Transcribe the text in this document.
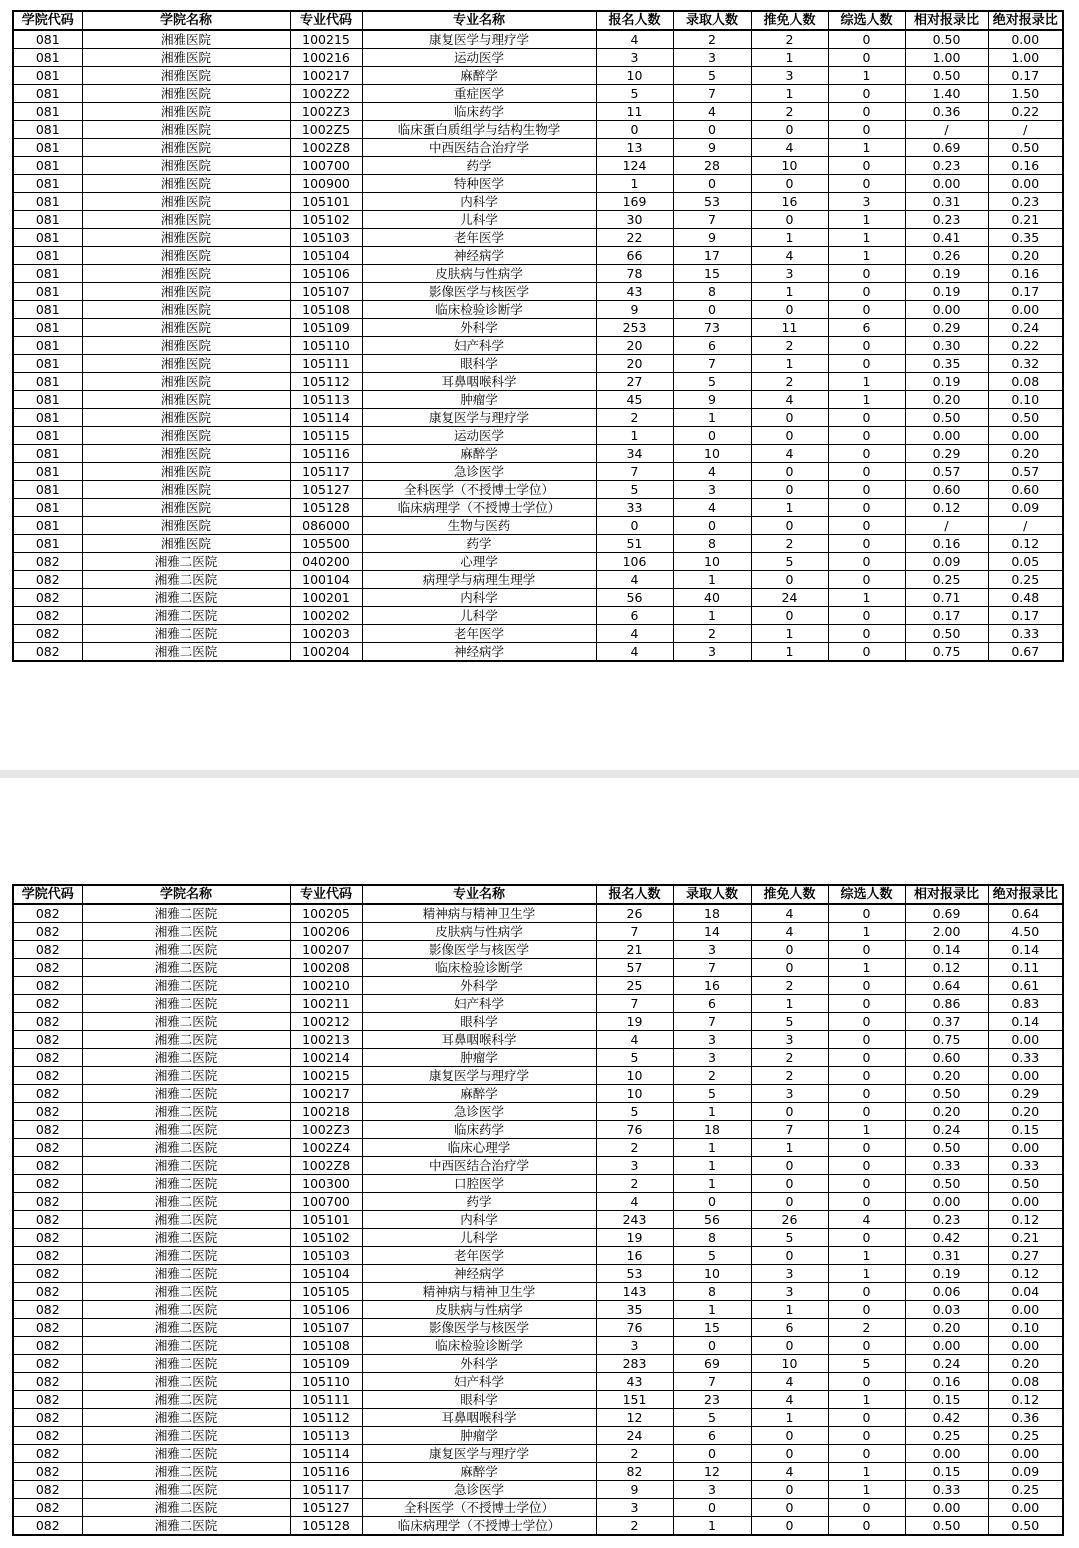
学院代码	学院名称	专业代码	专业名称	报名人数	录取人数	推免人数	综选人数	相对报录比	绝对报录比
081	湘雅医院	100215	康复医学与理疗学	4	2	2	0	0.50	0.00
081	湘雅医院	100216	运动医学	3	3	1	0	1.00	1.00
081	湘雅医院	100217	麻醉学	10	5	3	1	0.50	0.17
081	湘雅医院	1002Z2	重症医学	5	7	1	0	1.40	1.50
081	湘雅医院	1002Z3	临床药学	11	4	2	0	0.36	0.22
081	湘雅医院	1002Z5	临床蛋白质组学与结构生物学	0	0	0	0	/	/
081	湘雅医院	1002Z8	中西医结合治疗学	13	9	4	1	0.69	0.50
081	湘雅医院	100700	药学	124	28	10	0	0.23	0.16
081	湘雅医院	100900	特种医学	1	0	0	0	0.00	0.00
081	湘雅医院	105101	内科学	169	53	16	3	0.31	0.23
081	湘雅医院	105102	儿科学	30	7	0	1	0.23	0.21
081	湘雅医院	105103	老年医学	22	9	1	1	0.41	0.35
081	湘雅医院	105104	神经病学	66	17	4	1	0.26	0.20
081	湘雅医院	105106	皮肤病与性病学	78	15	3	0	0.19	0.16
081	湘雅医院	105107	影像医学与核医学	43	8	1	0	0.19	0.17
081	湘雅医院	105108	临床检验诊断学	9	0	0	0	0.00	0.00
081	湘雅医院	105109	外科学	253	73	11	6	0.29	0.24
081	湘雅医院	105110	妇产科学	20	6	2	0	0.30	0.22
081	湘雅医院	105111	眼科学	20	7	1	0	0.35	0.32
081	湘雅医院	105112	耳鼻咽喉科学	27	5	2	1	0.19	0.08
081	湘雅医院	105113	肿瘤学	45	9	4	1	0.20	0.10
081	湘雅医院	105114	康复医学与理疗学	2	1	0	0	0.50	0.50
081	湘雅医院	105115	运动医学	1	0	0	0	0.00	0.00
081	湘雅医院	105116	麻醉学	34	10	4	0	0.29	0.20
081	湘雅医院	105117	急诊医学	7	4	0	0	0.57	0.57
081	湘雅医院	105127	全科医学（不授博士学位）	5	3	0	0	0.60	0.60
081	湘雅医院	105128	临床病理学（不授博士学位）	33	4	1	0	0.12	0.09
081	湘雅医院	086000	生物与医药	0	0	0	0	/	/
081	湘雅医院	105500	药学	51	8	2	0	0.16	0.12
082	湘雅二医院	040200	心理学	106	10	5	0	0.09	0.05
082	湘雅二医院	100104	病理学与病理生理学	4	1	0	0	0.25	0.25
082	湘雅二医院	100201	内科学	56	40	24	1	0.71	0.48
082	湘雅二医院	100202	儿科学	6	1	0	0	0.17	0.17
082	湘雅二医院	100203	老年医学	4	2	1	0	0.50	0.33
082	湘雅二医院	100204	神经病学	4	3	1	0	0.75	0.67
学院代码	学院名称	专业代码	专业名称	报名人数	录取人数	推免人数	综选人数	相对报录比	绝对报录比
082	湘雅二医院	100205	精神病与精神卫生学	26	18	4	0	0.69	0.64
082	湘雅二医院	100206	皮肤病与性病学	7	14	4	1	2.00	4.50
082	湘雅二医院	100207	影像医学与核医学	21	3	0	0	0.14	0.14
082	湘雅二医院	100208	临床检验诊断学	57	7	0	1	0.12	0.11
082	湘雅二医院	100210	外科学	25	16	2	0	0.64	0.61
082	湘雅二医院	100211	妇产科学	7	6	1	0	0.86	0.83
082	湘雅二医院	100212	眼科学	19	7	5	0	0.37	0.14
082	湘雅二医院	100213	耳鼻咽喉科学	4	3	3	0	0.75	0.00
082	湘雅二医院	100214	肿瘤学	5	3	2	0	0.60	0.33
082	湘雅二医院	100215	康复医学与理疗学	10	2	2	0	0.20	0.00
082	湘雅二医院	100217	麻醉学	10	5	3	0	0.50	0.29
082	湘雅二医院	100218	急诊医学	5	1	0	0	0.20	0.20
082	湘雅二医院	1002Z3	临床药学	76	18	7	1	0.24	0.15
082	湘雅二医院	1002Z4	临床心理学	2	1	1	0	0.50	0.00
082	湘雅二医院	1002Z8	中西医结合治疗学	3	1	0	0	0.33	0.33
082	湘雅二医院	100300	口腔医学	2	1	0	0	0.50	0.50
082	湘雅二医院	100700	药学	4	0	0	0	0.00	0.00
082	湘雅二医院	105101	内科学	243	56	26	4	0.23	0.12
082	湘雅二医院	105102	儿科学	19	8	5	0	0.42	0.21
082	湘雅二医院	105103	老年医学	16	5	0	1	0.31	0.27
082	湘雅二医院	105104	神经病学	53	10	3	1	0.19	0.12
082	湘雅二医院	105105	精神病与精神卫生学	143	8	3	0	0.06	0.04
082	湘雅二医院	105106	皮肤病与性病学	35	1	1	0	0.03	0.00
082	湘雅二医院	105107	影像医学与核医学	76	15	6	2	0.20	0.10
082	湘雅二医院	105108	临床检验诊断学	3	0	0	0	0.00	0.00
082	湘雅二医院	105109	外科学	283	69	10	5	0.24	0.20
082	湘雅二医院	105110	妇产科学	43	7	4	0	0.16	0.08
082	湘雅二医院	105111	眼科学	151	23	4	1	0.15	0.12
082	湘雅二医院	105112	耳鼻咽喉科学	12	5	1	0	0.42	0.36
082	湘雅二医院	105113	肿瘤学	24	6	0	0	0.25	0.25
082	湘雅二医院	105114	康复医学与理疗学	2	0	0	0	0.00	0.00
082	湘雅二医院	105116	麻醉学	82	12	4	1	0.15	0.09
082	湘雅二医院	105117	急诊医学	9	3	0	1	0.33	0.25
082	湘雅二医院	105127	全科医学（不授博士学位）	3	0	0	0	0.00	0.00
082	湘雅二医院	105128	临床病理学（不授博士学位）	2	1	0	0	0.50	0.50
